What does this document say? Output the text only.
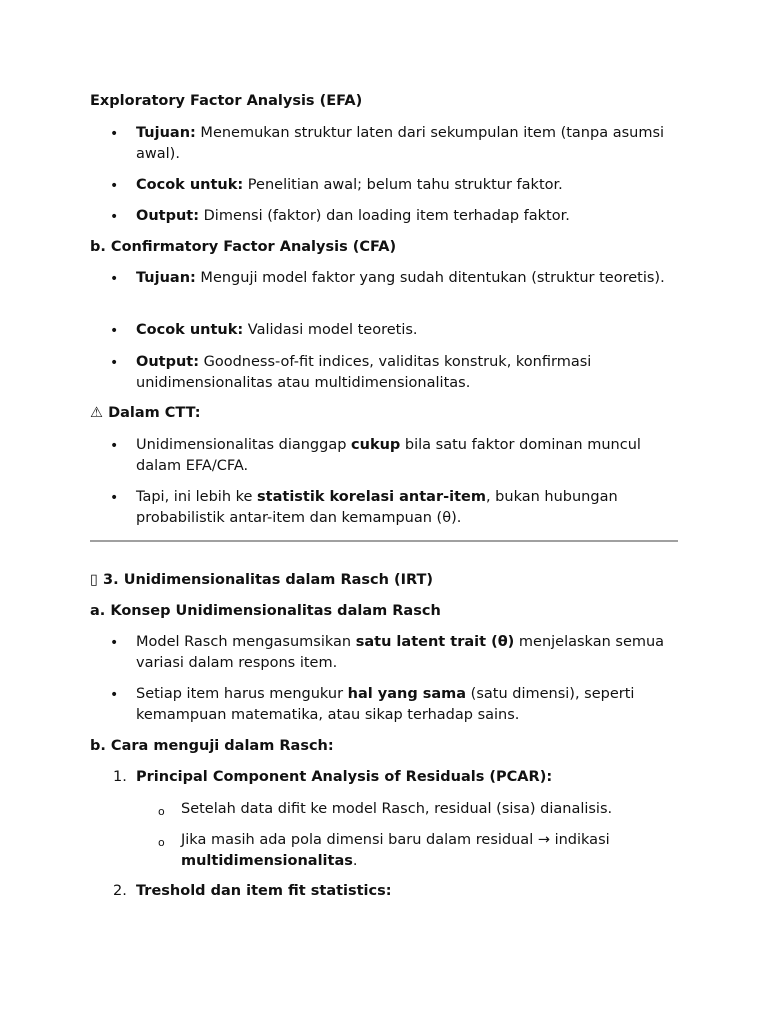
Exploratory Factor Analysis (EFA)
• Tujuan: Menemukan struktur laten dari sekumpulan item (tanpa asumsi awal).
• Cocok untuk: Penelitian awal; belum tahu struktur faktor.
• Output: Dimensi (faktor) dan loading item terhadap faktor.
b. Confirmatory Factor Analysis (CFA)
• Tujuan: Menguji model faktor yang sudah ditentukan (struktur teoretis).
• Cocok untuk: Validasi model teoretis.
• Output: Goodness-of-fit indices, validitas konstruk, konfirmasi unidimensionalitas atau multidimensionalitas.
⚠ Dalam CTT:
• Unidimensionalitas dianggap cukup bila satu faktor dominan muncul dalam EFA/CFA.
• Tapi, ini lebih ke statistik korelasi antar-item, bukan hubungan probabilistik antar-item dan kemampuan (θ).
▯ 3. Unidimensionalitas dalam Rasch (IRT)
a. Konsep Unidimensionalitas dalam Rasch
• Model Rasch mengasumsikan satu latent trait (θ) menjelaskan semua variasi dalam respons item.
• Setiap item harus mengukur hal yang sama (satu dimensi), seperti kemampuan matematika, atau sikap terhadap sains.
b. Cara menguji dalam Rasch:
1. Principal Component Analysis of Residuals (PCAR):
o Setelah data difit ke model Rasch, residual (sisa) dianalisis.
o Jika masih ada pola dimensi baru dalam residual → indikasi multidimensionalitas.
2. Treshold dan item fit statistics:
